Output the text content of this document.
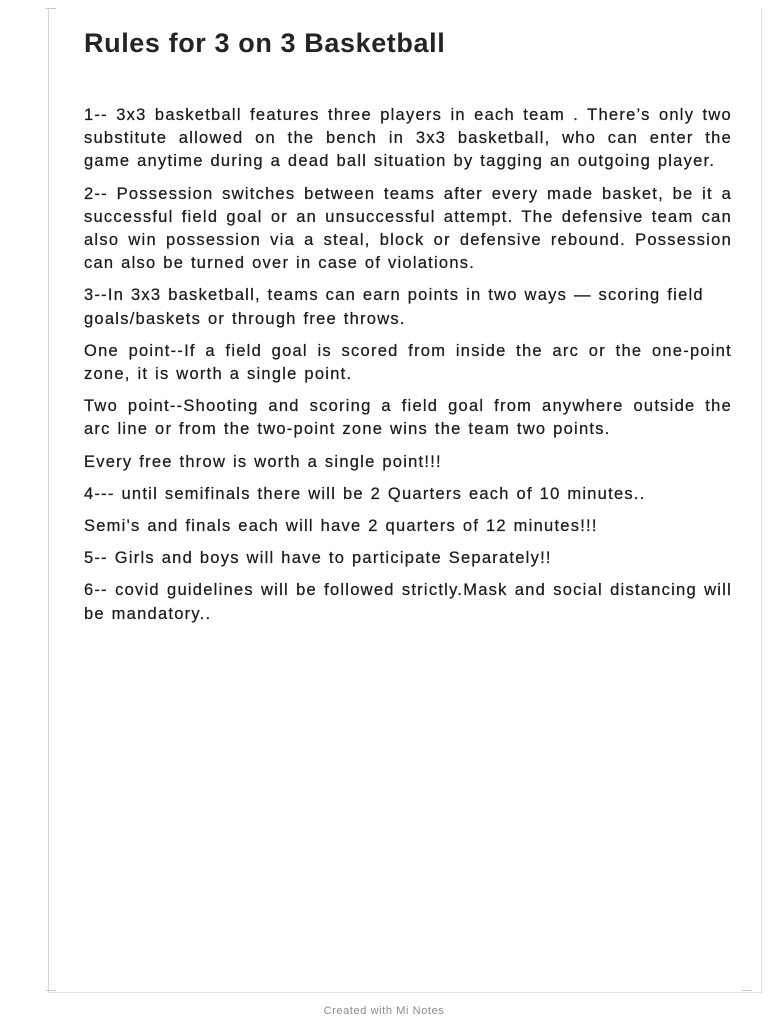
Rules for 3 on 3 Basketball

1-- 3x3 basketball features three players in each team . There’s only two substitute allowed on the bench in 3x3 basketball, who can enter the game anytime during a dead ball situation by tagging an outgoing player.

2-- Possession switches between teams after every made basket, be it a successful field goal or an unsuccessful attempt. The defensive team can also win possession via a steal, block or defensive rebound. Possession can also be turned over in case of violations.

3--In 3x3 basketball, teams can earn points in two ways — scoring field goals/baskets or through free throws.

One point--If a field goal is scored from inside the arc or the one-point zone, it is worth a single point.

Two point--Shooting and scoring a field goal from anywhere outside the arc line or from the two-point zone wins the team two points.

Every free throw is worth a single point!!!

4--- until semifinals there will be 2 Quarters each of 10 minutes..

Semi's and finals each will have 2 quarters of 12 minutes!!!

5-- Girls and boys will have to participate Separately!!

6-- covid guidelines will be followed strictly.Mask and social distancing will be mandatory..

Created with Mi Notes
